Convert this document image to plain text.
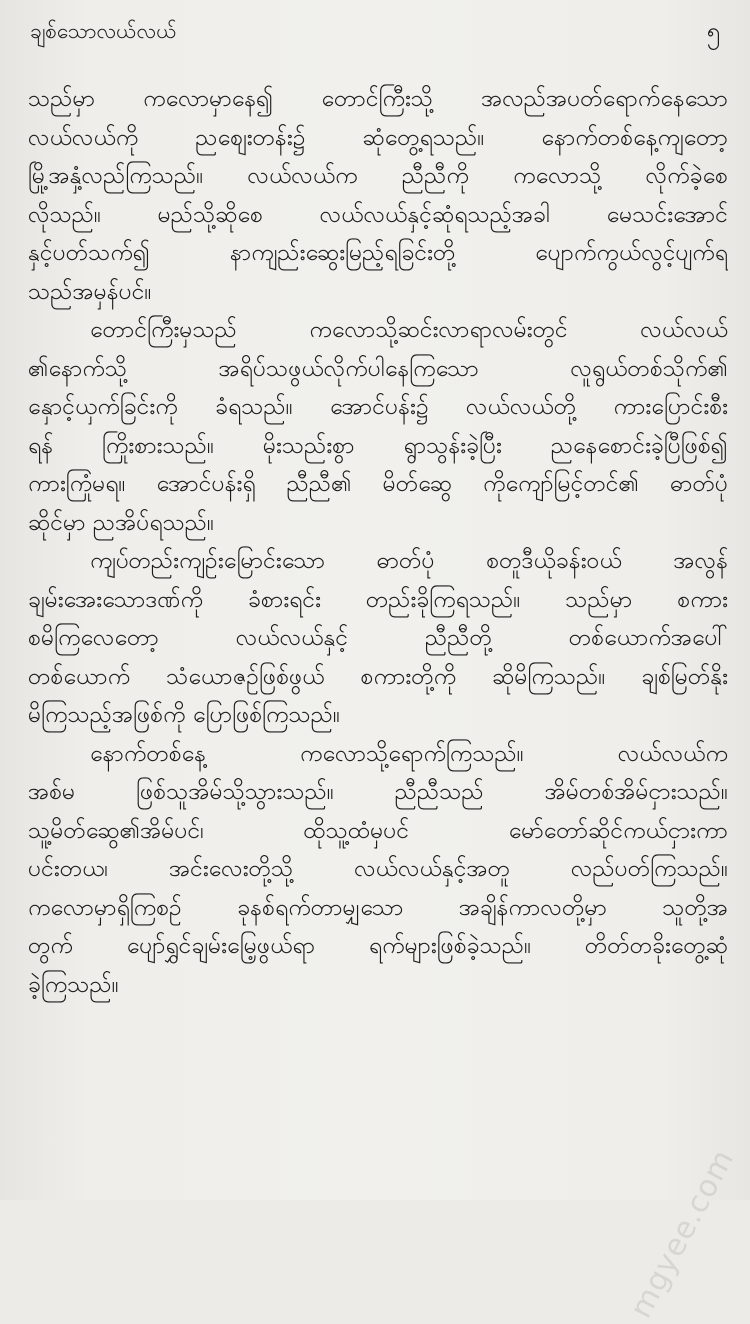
ချစ်သောလယ်လယ်	၅
သည်မှာ ကလောမှာနေ၍ တောင်ကြီးသို့ အလည်အပတ်ရောက်နေသော
လယ်လယ်ကို ညစျေးတန်း၌ ဆုံတွေ့ရသည်။ နောက်တစ်နေ့ကျတော့
မြို့အနှံ့လည်ကြသည်။ လယ်လယ်က ညီညီကို ကလောသို့ လိုက်ခဲ့စေ
လိုသည်။ မည်သို့ဆိုစေ လယ်လယ်နှင့်ဆုံရသည့်အခါ မေသင်းအောင်
နှင့်ပတ်သက်၍ နာကျည်းဆွေးမြည့်ရခြင်းတို့ ပျောက်ကွယ်လွင့်ပျက်ရ
သည်အမှန်ပင်။
တောင်ကြီးမှသည် ကလောသို့ဆင်းလာရာလမ်းတွင် လယ်လယ်
၏နောက်သို့ အရိပ်သဖွယ်လိုက်ပါနေကြသော လူရွယ်တစ်သိုက်၏
နှောင့်ယှက်ခြင်းကို ခံရသည်။ အောင်ပန်း၌ လယ်လယ်တို့ ကားပြောင်းစီး
ရန် ကြိုးစားသည်။ မိုးသည်းစွာ ရွာသွန်းခဲ့ပြီး ညနေစောင်းခဲ့ပြီဖြစ်၍
ကားကြုံမရ။ အောင်ပန်းရှိ ညီညီ၏ မိတ်ဆွေ ကိုကျော်မြင့်တင်၏ ဓာတ်ပုံ
ဆိုင်မှာ ညအိပ်ရသည်။
ကျပ်တည်းကျဉ်းမြောင်းသော ဓာတ်ပုံ စတူဒီယိုခန်းဝယ် အလွန်
ချမ်းအေးသောဒဏ်ကို ခံစားရင်း တည်းခိုကြရသည်။ သည်မှာ စကား
စမိကြလေတော့ လယ်လယ်နှင့် ညီညီတို့ တစ်ယောက်အပေါ်
တစ်ယောက် သံယောဇဉ်ဖြစ်ဖွယ် စကားတို့ကို ဆိုမိကြသည်။ ချစ်မြတ်နိုး
မိကြသည့်အဖြစ်ကို ပြောဖြစ်ကြသည်။
နောက်တစ်နေ့ ကလောသို့ရောက်ကြသည်။ လယ်လယ်က
အစ်မ ဖြစ်သူအိမ်သို့သွားသည်။ ညီညီသည် အိမ်တစ်အိမ်ငှားသည်။
သူ့မိတ်ဆွေ၏အိမ်ပင်၊ ထိုသူ့ထံမှပင် မော်တော်ဆိုင်ကယ်ငှားကာ
ပင်းတယ၊ အင်းလေးတို့သို့ လယ်လယ်နှင့်အတူ လည်ပတ်ကြသည်။
ကလောမှာရှိကြစဉ် ခုနစ်ရက်တာမျှသော အချိန်ကာလတို့မှာ သူတို့အ
တွက် ပျော်ရွှင်ချမ်းမြေ့ဖွယ်ရာ ရက်များဖြစ်ခဲ့သည်။ တိတ်တခိုးတွေ့ဆုံ
ခဲ့ကြသည်။
mgyee.com
